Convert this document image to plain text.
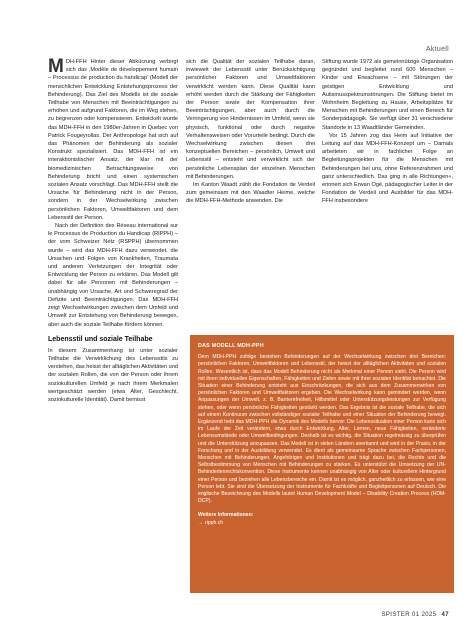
Aktuell

MDH-FFH Hinter dieser Abkürzung verbirgt sich das ‚Modèle de développement humain – Processus de production du handicap' (Modell der menschlichen Entwicklung Entstehungsprozess der Behinderung). Das Ziel des Modells ist die soziale Teilhabe von Menschen mit Beeinträchtigungen zu erhöhen und aufgrund Faktoren, die im Weg stehen, zu begrenzen oder kompensieren. Entwickelt wurde das MDH-FFH in den 1980er-Jahren in Quebec von Patrick Fougeyrollas. Der Anthropologe hat sich auf das Phänomen der Behinderung als sozialer Konstrukt spezialisiert. Das MDH-FFH ist ein interaktionistischer Ansatz, der klar mit der biomedizinischen Betrachtungsweise von Behinderung bricht und einen systemischen sozialen Ansatz vorschlägt. Das MDH-FFH stellt die Ursache für Behinderung nicht in der Person, sondern in der Wechselwirkung zwischen persönlichen Faktoren, Umweltfaktoren und dem Lebensstil der Person.

Nach der Definition des Réseau international sur le Processus de Production du Handicap (RIPPH) – der vom Schweizer Netz (RSPPH) übernommen wurde – wird das MDH-FFH dazu verwendet, die Ursachen und Folgen von Krankheiten, Traumata und anderen Verletzungen der Integrität oder Entwicklung der Person zu erklären. Das Modell gilt dabei für alle Personen mit Behinderungen – unabhängig von Ursache, Art und Schweregrad der Defizite und Beeinträchtigungen. Das MDH-FFH zeigt Wechselwirkungen zwischen dem Umfeld und Umwelt zur Entstehung von Behinderung bewegen, aber auch die soziale Teilhabe fördern können.

Lebensstil und soziale Teilhabe

In diesem Zusammenhang ist unter sozialer Teilhabe die Verwirklichung des Lebensstils zu verstehen, das heisst der alltäglichen Aktivitäten und der sozialen Rollen, die von der Person oder ihrem soziokulturellen Umfeld je nach ihrem Merkmalen wertgeschätzt werden (etwa Alter, Geschlecht, soziokulturelle Identität). Damit bemisst

sich die Qualität der sozialen Teilhabe daran, inwieweit der Lebensstil unter Berücksichtigung persönlicher Faktoren und Umweltfaktoren verwirklicht werden kann. Diese Qualität kann erhöht werden durch die Stärkung der Fähigkeiten der Person sowie der Kompensation ihrer Beeinträchtigungen, aber auch durch die Verringerung von Hindernissen im Umfeld, wenn sie physisch, funktional oder durch negative Verhaltensweisen oder Vorurteile bedingt. Durch die Wechselwirkung zwischen diesen drei konzeptuellen Bereichen – persönlich, Umwelt und Lebensstil – entsteht und verwirklicht sich der persönliche Lebensplan der einzelnen Menschen mit Behinderungen.

Im Kanton Waadt zählt die Fondation de Verdeil zum gemeinsam mit den Waadter Heime, welche die MDH-FFH-Methode anwenden. Die

Stiftung wurde 1972 als gemeinnützige Organisation gegründet und begleitet rund 600 Menschen – Kinder und Erwachsene – mit Störungen der geistigen Entwicklung und Autismusspektrumstörungen. Die Stiftung bietet im Wohnheim Begleitung zu Hause, Arbeitsplätze für Menschen mit Behinderungen und einen Bereich für Sonderpädagogik. Sie verfügt über 31 verschiedene Standorte in 13 Waadtländer Gemeinden.

Vor 15 Jahren zog das Heim auf Initiative der Leitung auf das MDH-FFH-Konzept um – Damals arbeiteten wir in fachlicher Folge an Begleitungsprojekten für die Menschen mit Behinderungen bei uns, ohne Referenzrahmen und ganz unterschiedlich. Das ging in alle Richtungen«, erinnert sich Erwan Ogé, pädagogischer Leiter in der Fondation de Verdeil und Ausbilder für das MDH-FFH insbesondere

DAS MODELL MDH-PPH

Dem MDH-PPH zufolge bestehen Behinderungen auf der Wechselwirkung zwischen drei Bereichen: persönlichen Faktoren, Umweltfaktoren und Lebensstil, der heisst der alltäglichen Aktivitäten und sozialen Rollen. Wesentlich ist, dass das Modell Behinderung nicht als Merkmal einer Person sieht. Die Person wird mit ihren individuellen Eigenschaften, Fähigkeiten und Zielen sowie mit ihrer sozialen Identität betrachtet. Die Situation einer Behinderung entsteht aus Einschränkungen, die sich aus dem Zusammenwirken von persönlichen Faktoren und Umweltfaktoren ergeben. Die Wechselwirkung kann gemindert werden, wenn Anpassungen der Umwelt, z. B. Barrierefreiheit, Hilfsmittel oder Unterstützungsleistungen zur Verfügung stehen, oder wenn persönliche Fähigkeiten gestärkt werden. Das Ergebnis ist die soziale Teilhabe, die sich auf einem Kontinuum zwischen vollständiger sozialer Teilhabe und einer Situation der Behinderung bewegt. Ergänzend hebt das MDH-PPH die Dynamik des Modells hervor: Die Lebenssituation einer Person kann sich im Laufe der Zeit verändern, etwa durch Entwicklung, Alter, Lernen, neue Fähigkeiten, veränderte Lebensumstände oder Umweltbedingungen. Deshalb ist es wichtig, die Situation regelmässig zu überprüfen und die Unterstützung anzupassen. Das Modell ist in vielen Ländern anerkannt und wird in der Praxis, in der Forschung und in der Ausbildung verwendet. Es dient als gemeinsame Sprache zwischen Fachpersonen, Menschen mit Behinderungen, Angehörigen und Institutionen und trägt dazu bei, die Rechte und die Selbstbestimmung von Menschen mit Behinderungen zu stärken. Es unterstützt die Umsetzung der UN-Behindertenrechtskonvention. Diese Instrumente kennen unabhängig von Alter oder kulturellem Hintergrund einer Person und beziehen alle Lebensbereiche ein. Damit ist es möglich, ganzheitlich zu erfassen, wie eine Person lebt. Sie sind die Übersetzung der Instrumente für Fachkräfte und Begleitpersonen auf Deutsch. Die englische Bezeichnung des Modells lautet Human Development Model – Disability Creation Process (HDM-DCP).

Weitere Informationen:
→ ripph.ch
SPISTER 01 2025 47
